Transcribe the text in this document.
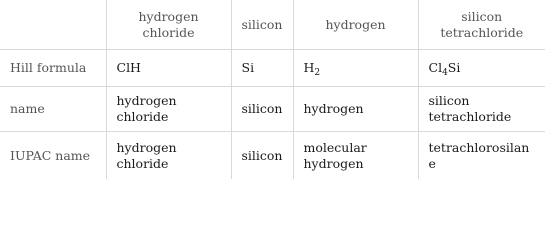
	hydrogen chloride	silicon	hydrogen	silicon tetrachloride
Hill formula	ClH	Si	$H_2$	$Cl_4Si$
name	hydrogen chloride	silicon	hydrogen	silicon tetrachloride
IUPAC name	hydrogen chloride	silicon	molecular hydrogen	tetrachlorosilane
